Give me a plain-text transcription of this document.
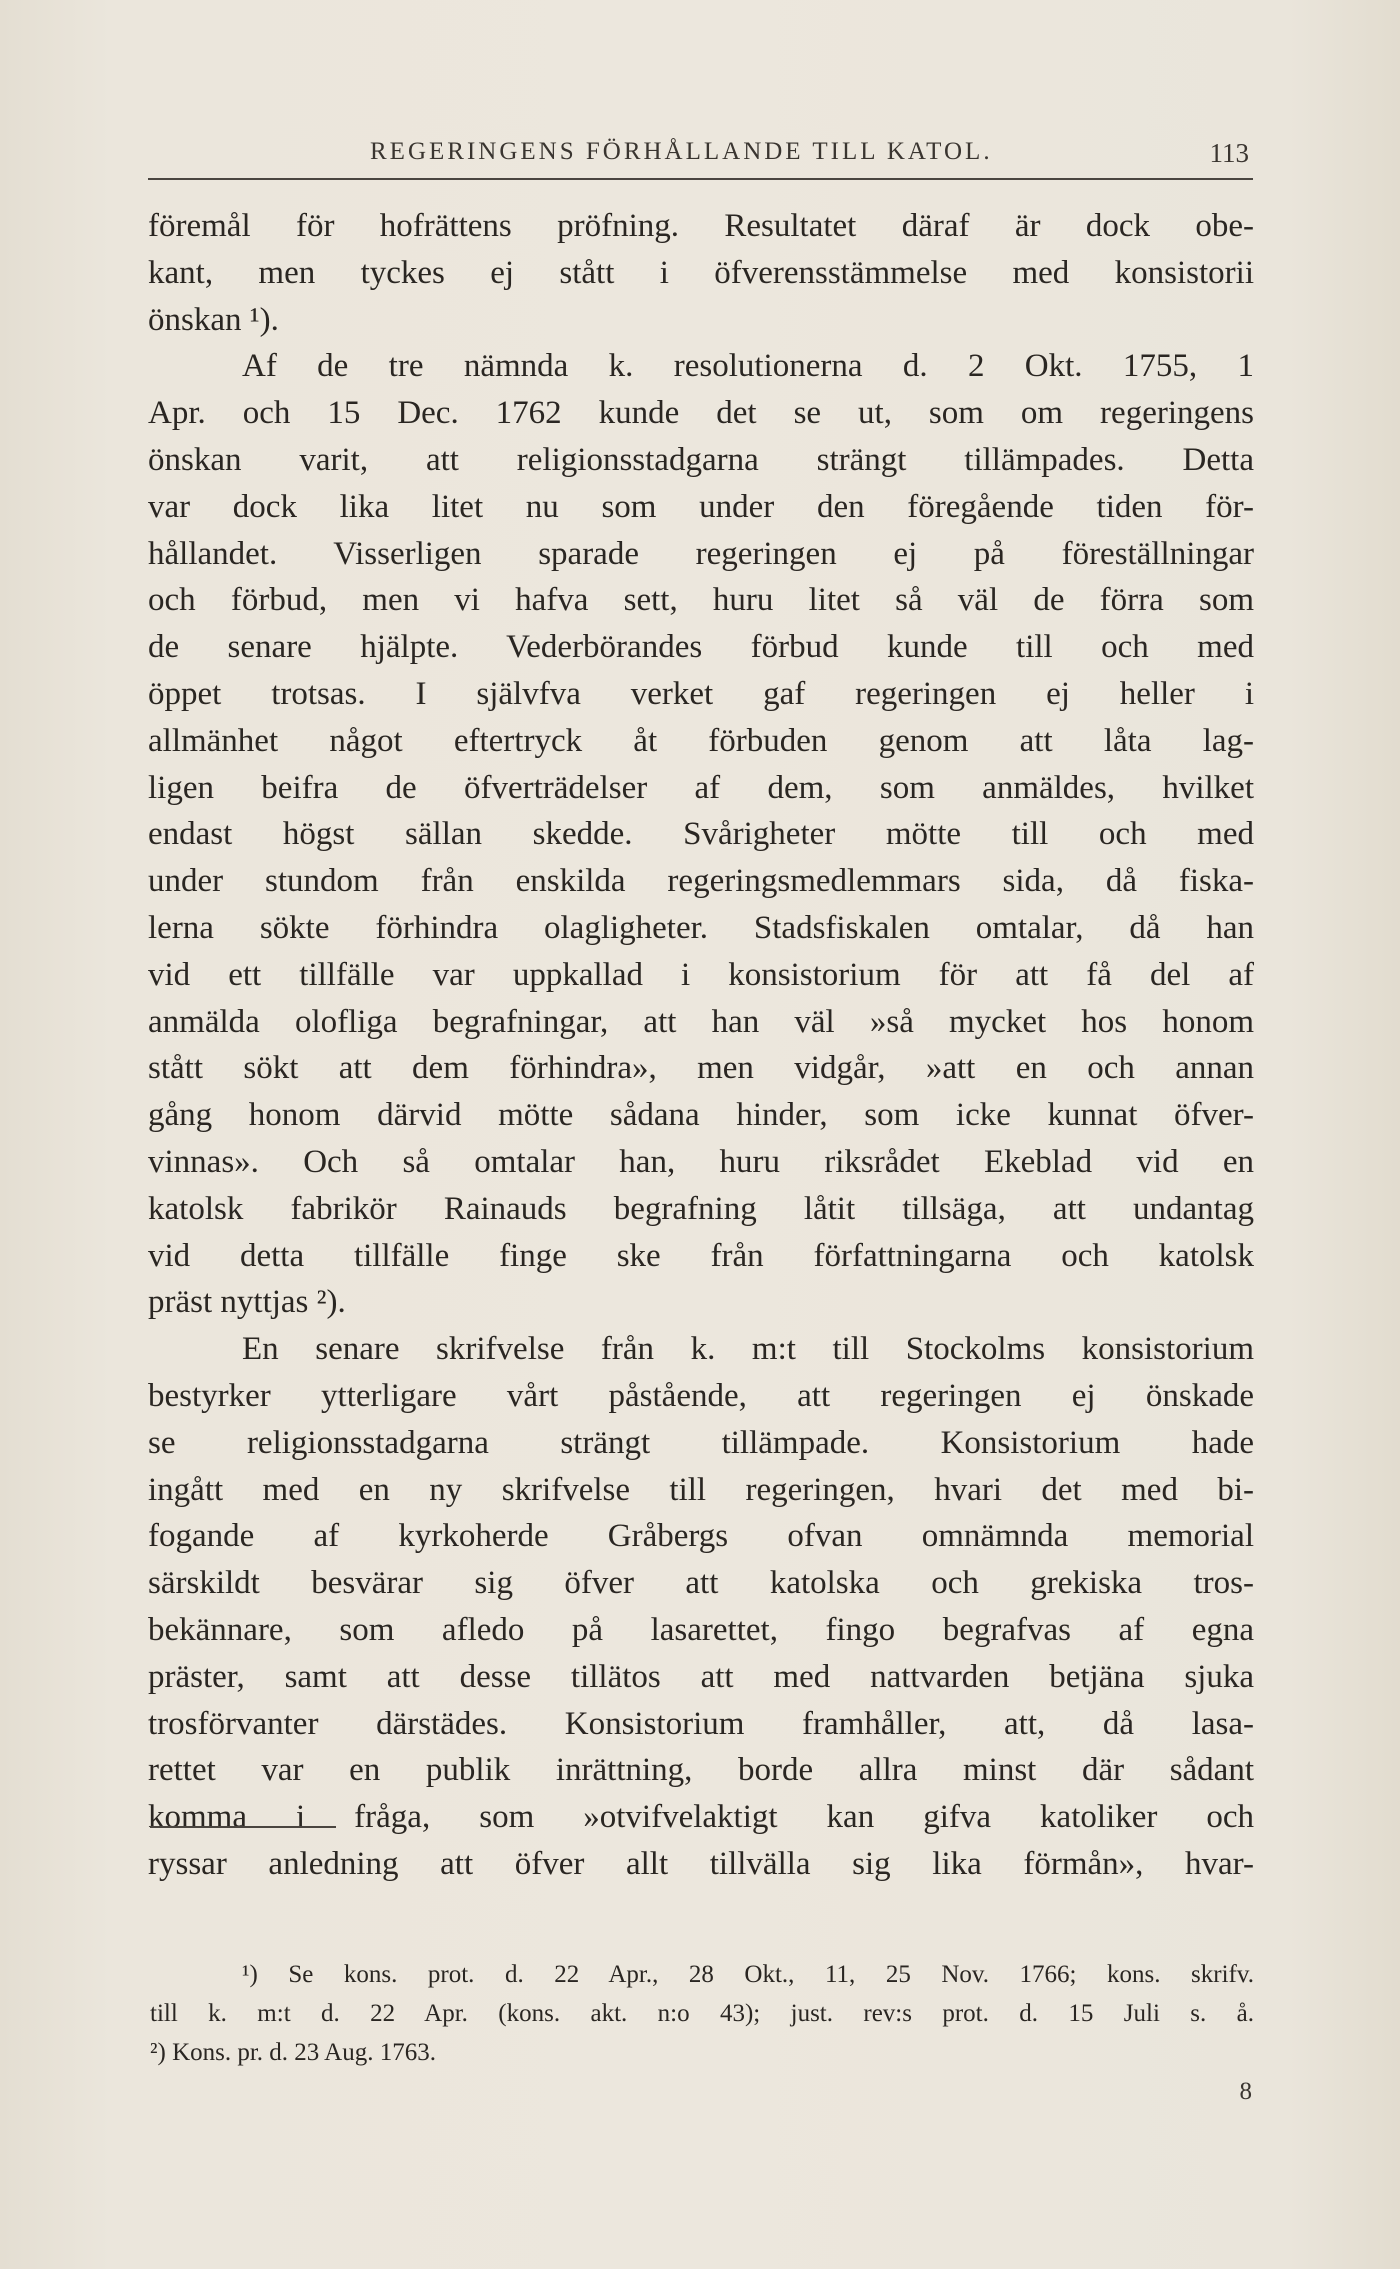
REGERINGENS FÖRHÅLLANDE TILL KATOL.	113
föremål för hofrättens pröfning. Resultatet däraf är dock obe-
kant, men tyckes ej stått i öfverensstämmelse med konsistorii
önskan ¹).
Af de tre nämnda k. resolutionerna d. 2 Okt. 1755, 1
Apr. och 15 Dec. 1762 kunde det se ut, som om regeringens
önskan varit, att religionsstadgarna strängt tillämpades. Detta
var dock lika litet nu som under den föregående tiden för-
hållandet. Visserligen sparade regeringen ej på föreställningar
och förbud, men vi hafva sett, huru litet så väl de förra som
de senare hjälpte. Vederbörandes förbud kunde till och med
öppet trotsas. I självfva verket gaf regeringen ej heller i
allmänhet något eftertryck åt förbuden genom att låta lag-
ligen beifra de öfverträdelser af dem, som anmäldes, hvilket
endast högst sällan skedde. Svårigheter mötte till och med
under stundom från enskilda regeringsmedlemmars sida, då fiska-
lerna sökte förhindra olagligheter. Stadsfiskalen omtalar, då han
vid ett tillfälle var uppkallad i konsistorium för att få del af
anmälda olofliga begrafningar, att han väl »så mycket hos honom
stått sökt att dem förhindra», men vidgår, »att en och annan
gång honom därvid mötte sådana hinder, som icke kunnat öfver-
vinnas». Och så omtalar han, huru riksrådet Ekeblad vid en
katolsk fabrikör Rainauds begrafning låtit tillsäga, att undantag
vid detta tillfälle finge ske från författningarna och katolsk
präst nyttjas ²).
En senare skrifvelse från k. m:t till Stockolms konsistorium
bestyrker ytterligare vårt påstående, att regeringen ej önskade
se religionsstadgarna strängt tillämpade. Konsistorium hade
ingått med en ny skrifvelse till regeringen, hvari det med bi-
fogande af kyrkoherde Gråbergs ofvan omnämnda memorial
särskildt besvärar sig öfver att katolska och grekiska tros-
bekännare, som afledo på lasarettet, fingo begrafvas af egna
präster, samt att desse tillätos att med nattvarden betjäna sjuka
trosförvanter därstädes. Konsistorium framhåller, att, då lasa-
rettet var en publik inrättning, borde allra minst där sådant
komma i fråga, som »otvifvelaktigt kan gifva katoliker och
ryssar anledning att öfver allt tillvälla sig lika förmån», hvar-
¹) Se kons. prot. d. 22 Apr., 28 Okt., 11, 25 Nov. 1766; kons. skrifv.
till k. m:t d. 22 Apr. (kons. akt. n:o 43); just. rev:s prot. d. 15 Juli s. å.
²) Kons. pr. d. 23 Aug. 1763.
8
